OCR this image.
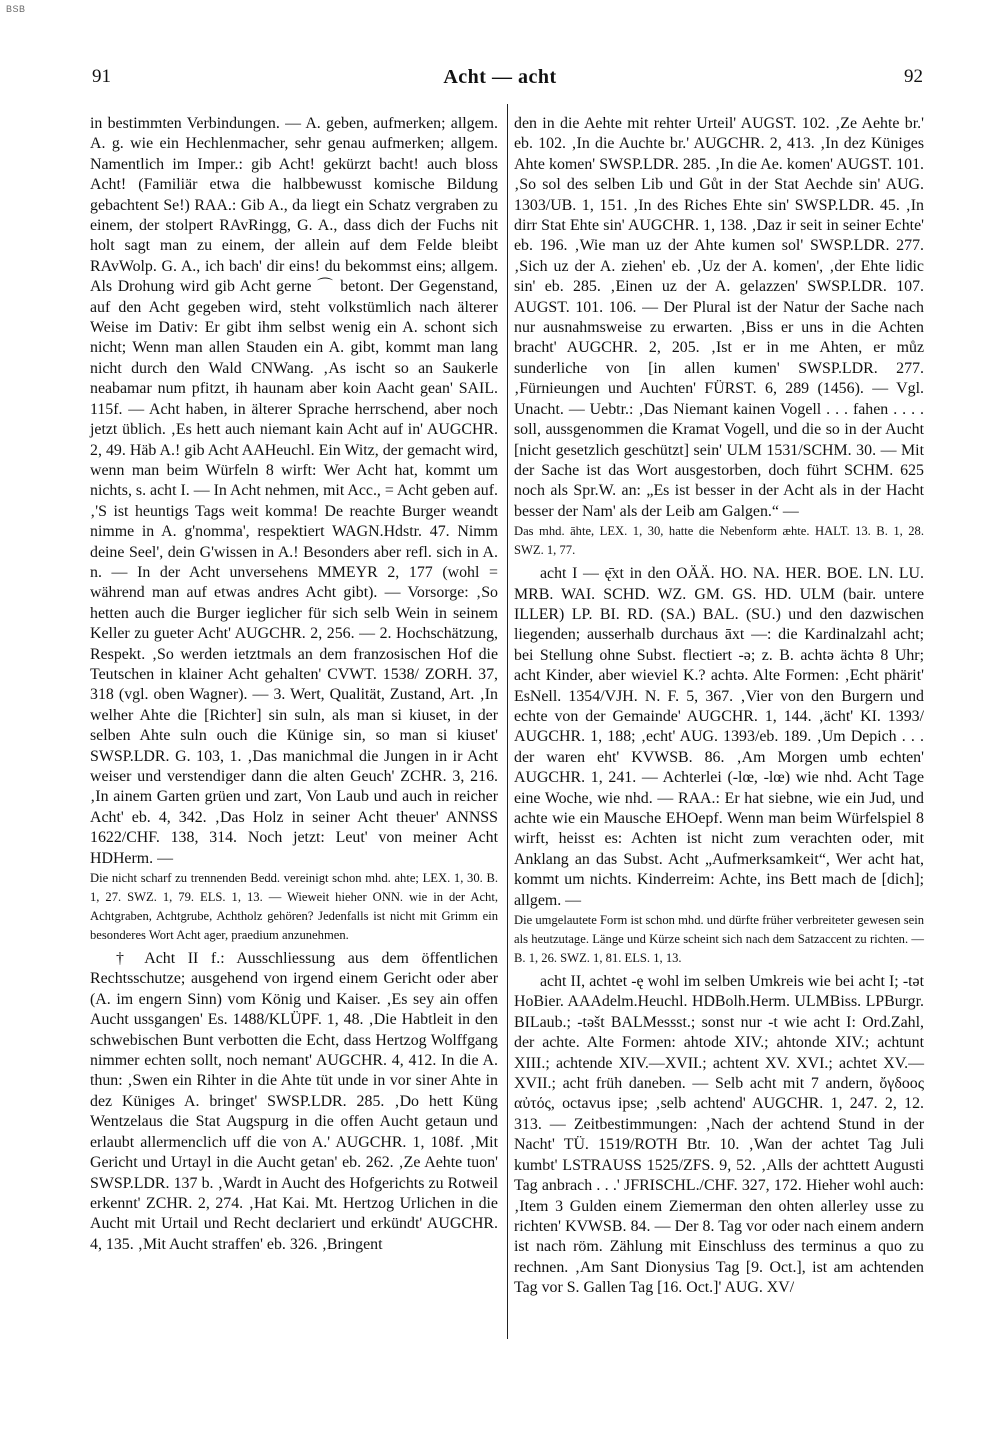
BSB
91	Acht — acht	92

in bestimmten Verbindungen. — A. geben, aufmerken; allgem. A. g. wie ein Hechlenmacher, sehr genau aufmerken; allgem. Namentlich im Imper.: gib Acht! gekürzt bacht! auch bloss Acht! (Familiär etwa die halbbewusst komische Bildung gebachtent Se!) RAA.: Gib A., da liegt ein Schatz vergraben zu einem, der stolpert RAvRingg, G. A., dass dich der Fuchs nit holt sagt man zu einem, der allein auf dem Felde bleibt RAvWolp. G. A., ich bach' dir eins! du bekommst eins; allgem. Als Drohung wird gib Acht gerne ⌒ betont. Der Gegenstand, auf den Acht gegeben wird, steht volkstümlich nach älterer Weise im Dativ: Er gibt ihm selbst wenig ein A. schont sich nicht; Wenn man allen Stauden ein A. gibt, kommt man lang nicht durch den Wald CNWang. ‚As ischt so an Saukerle neabamar num pfitzt, ih haunam aber koin Aacht gean' SAIL. 115f. — Acht haben, in älterer Sprache herrschend, aber noch jetzt üblich. ‚Es hett auch niemant kain Acht auf in' AUGCHR. 2, 49. Häb A.! gib Acht AAHeuchl. Ein Witz, der gemacht wird, wenn man beim Würfeln 8 wirft: Wer Acht hat, kommt um nichts, s. acht I. — In Acht nehmen, mit Acc., = Acht geben auf. ‚'S ist heuntigs Tags weit komma! De reachte Burger weandt nimme in A. g'nomma', respektiert WAGN.Hdstr. 47. Nimm deine Seel', dein G'wissen in A.! Besonders aber refl. sich in A. n. — In der Acht unversehens MMEYR 2, 177 (wohl = während man auf etwas andres Acht gibt). — Vorsorge: ‚So hetten auch die Burger ieglicher für sich selb Wein in seinem Keller zu gueter Acht' AUGCHR. 2, 256. — 2. Hochschätzung, Respekt. ‚So werden ietztmals an dem franzosischen Hof die Teutschen in klainer Acht gehalten' CVWT. 1538/ ZORH. 37, 318 (vgl. oben Wagner). — 3. Wert, Qualität, Zustand, Art. ‚In welher Ahte die [Richter] sin suln, als man si kiuset, in der selben Ahte suln ouch die Künige sin, so man si kiuset' SWSP.LDR. G. 103, 1. ‚Das manichmal die Jungen in ir Acht weiser und verstendiger dann die alten Geuch' ZCHR. 3, 216. ‚In ainem Garten grüen und zart, Von Laub und auch in reicher Acht' eb. 4, 342. ‚Das Holz in seiner Acht theuer' ANNSS 1622/CHF. 138, 314. Noch jetzt: Leut' von meiner Acht HDHerm. —

Die nicht scharf zu trennenden Bedd. vereinigt schon mhd. ahte; LEX. 1, 30. B. 1, 27. SWZ. 1, 79. ELS. 1, 13. — Wieweit hieher ONN. wie in der Acht, Achtgraben, Achtgrube, Achtholz gehören? Jedenfalls ist nicht mit Grimm ein besonderes Wort Acht ager, praedium anzunehmen.

† Acht II f.: Ausschliessung aus dem öffentlichen Rechtsschutze; ausgehend von irgend einem Gericht oder aber (A. im engern Sinn) vom König und Kaiser. ‚Es sey ain offen Aucht ussgangen' Es. 1488/KLÜPF. 1, 48. ‚Die Habtleit in den schwebischen Bunt verbotten die Echt, dass Hertzog Wolffgang nimmer echten sollt, noch nemant' AUGCHR. 4, 412. In die A. thun: ‚Swen ein Rihter in die Ahte tüt unde in vor siner Ahte in dez Küniges A. bringet' SWSP.LDR. 285. ‚Do hett Küng Wentzelaus die Stat Augspurg in die offen Aucht getaun und erlaubt allermenclich uff die von A.' AUGCHR. 1, 108f. ‚Mit Gericht und Urtayl in die Aucht getan' eb. 262. ‚Ze Aehte tuon' SWSP.LDR. 137 b. ‚Wardt in Aucht des Hofgerichts zu Rotweil erkennt' ZCHR. 2, 274. ‚Hat Kai. Mt. Hertzog Urlichen in die Aucht mit Urtail und Recht declariert und erkündt' AUGCHR. 4, 135. ‚Mit Aucht straffen' eb. 326. ‚Bringent

den in die Aehte mit rehter Urteil' AUGST. 102. ‚Ze Aehte br.' eb. 102. ‚In die Auchte br.' AUGCHR. 2, 413. ‚In dez Küniges Ahte komen' SWSP.LDR. 285. ‚In die Ae. komen' AUGST. 101. ‚So sol des selben Lib und Gůt in der Stat Aechde sin' AUG. 1303/UB. 1, 151. ‚In des Riches Ehte sin' SWSP.LDR. 45. ‚In dirr Stat Ehte sin' AUGCHR. 1, 138. ‚Daz ir seit in seiner Echte' eb. 196. ‚Wie man uz der Ahte kumen sol' SWSP.LDR. 277. ‚Sich uz der A. ziehen' eb. ‚Uz der A. komen', ‚der Ehte lidic sin' eb. 285. ‚Einen uz der A. gelazzen' SWSP.LDR. 107. AUGST. 101. 106. — Der Plural ist der Natur der Sache nach nur ausnahmsweise zu erwarten. ‚Biss er uns in die Achten bracht' AUGCHR. 2, 205. ‚Ist er in me Ahten, er můz sunderliche von [in allen kumen' SWSP.LDR. 277. ‚Fürnieungen und Auchten' FÜRST. 6, 289 (1456). — Vgl. Unacht. — Uebtr.: ‚Das Niemant kainen Vogell . . . fahen . . . . soll, aussgenommen die Kramat Vogell, und die so in der Aucht [nicht gesetzlich geschützt] sein' ULM 1531/SCHM. 30. — Mit der Sache ist das Wort ausgestorben, doch führt SCHM. 625 noch als Spr.W. an: „Es ist besser in der Acht als in der Hacht besser der Nam' als der Leib am Galgen.“ —

Das mhd. āhte, LEX. 1, 30, hatte die Nebenform æhte. HALT. 13. B. 1, 28. SWZ. 1, 77.

acht I — ę̄xt in den OÄÄ. HO. NA. HER. BOE. LN. LU. MRB. WAI. SCHD. WZ. GM. GS. HD. ULM (bair. untere ILLER) LP. BI. RD. (SA.) BAL. (SU.) und den dazwischen liegenden; ausserhalb durchaus āxt —: die Kardinalzahl acht; bei Stellung ohne Subst. flectiert -ə; z. B. achtə ächtə 8 Uhr; acht Kinder, aber wieviel K.? achtə. Alte Formen: ‚Echt phärit' EsNell. 1354/VJH. N. F. 5, 367. ‚Vier von den Burgern und echte von der Gemainde' AUGCHR. 1, 144. ‚ächt' KI. 1393/ AUGCHR. 1, 188; ‚echt' AUG. 1393/eb. 189. ‚Um Depich . . . der waren eht' KVWSB. 86. ‚Am Morgen umb echten' AUGCHR. 1, 241. — Achterlei (-lœ, -lœ) wie nhd. Acht Tage eine Woche, wie nhd. — RAA.: Er hat siebne, wie ein Jud, und achte wie ein Mausche EHOepf. Wenn man beim Würfelspiel 8 wirft, heisst es: Achten ist nicht zum verachten oder, mit Anklang an das Subst. Acht „Aufmerksamkeit“, Wer acht hat, kommt um nichts. Kinderreim: Achte, ins Bett mach de [dich]; allgem. —

Die umgelautete Form ist schon mhd. und dürfte früher verbreiteter gewesen sein als heutzutage. Länge und Kürze scheint sich nach dem Satzaccent zu richten. — B. 1, 26. SWZ. 1, 81. ELS. 1, 13.

acht II, achtet -ę wohl im selben Umkreis wie bei acht I; -tət HoBier. AAAdelm.Heuchl. HDBolh.Herm. ULMBiss. LPBurgr. BILaub.; -təšt BALMessst.; sonst nur -t wie acht I: Ord.Zahl, der achte. Alte Formen: ahtode XIV.; ahtonde XIV.; achtunt XIII.; achtende XIV.—XVII.; achtent XV. XVI.; achtet XV.—XVII.; acht früh daneben. — Selb acht mit 7 andern, ὄγδοος αὐτός, octavus ipse; ‚selb achtend' AUGCHR. 1, 247. 2, 12. 313. — Zeitbestimmungen: ‚Nach der achtend Stund in der Nacht' TÜ. 1519/ROTH Btr. 10. ‚Wan der achtet Tag Juli kumbt' LSTRAUSS 1525/ZFS. 9, 52. ‚Alls der achttett Augusti Tag anbrach . . .' JFRISCHL./CHF. 327, 172. Hieher wohl auch: ‚Item 3 Gulden einem Ziemerman den ohten allerley usse zu richten' KVWSB. 84. — Der 8. Tag vor oder nach einem andern ist nach röm. Zählung mit Einschluss des terminus a quo zu rechnen. ‚Am Sant Dionysius Tag [9. Oct.], ist am achtenden Tag vor S. Gallen Tag [16. Oct.]' AUG. XV/
